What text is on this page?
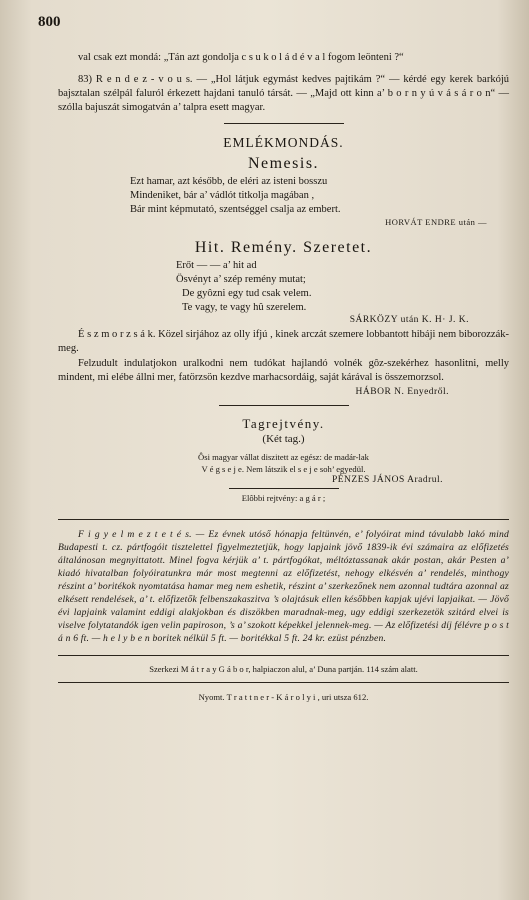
800

val csak ezt mondá: „Tán azt gondolja c s u k o l á d é v a l fogom leönteni ?“

83) R e n d e z - v o u s. — „Hol látjuk egymást kedves pajtikám ?“ — kérdé egy kerek barkójú bajsztalan szélpál faluról érkezett hajdani tanuló társát. — „Majd ott kinn a’ b o r n y ú v á s á r o n“ — szólla bajuszát simogatván a’ talpra esett magyar.

EMLÉKMONDÁS.
Nemesis.
Ezt hamar, azt később, de eléri az isteni bosszu
Mindeniket, bár a’ vádlót titkolja magában ,
Bár mint képmutató, szentséggel csalja az embert.
HORVÁT ENDRE után —
Hit. Remény. Szeretet.
Erőt — — a’ hit ad
Ösvényt a’ szép remény mutat;
De gyôzni egy tud csak velem.
Te vagy, te vagy hû szerelem.
SÁRKÖZY után K. H· J. K.

É s z m o r z s á k. Közel sirjához az olly ifjú , kinek arczát szemere lobbantott hibáji nem biborozzák-meg.

Felzudult indulatjokon uralkodni nem tudókat hajlandó volnék gôz-szekérhez hasonlitni, melly mindent, mi elébe állni mer, fatörzsön kezdve marhacsordáig, saját kárával is összemorzsol.

HÁBOR N. Enyedről.
Tagrejtvény.
(Két tag.)
Ôsi magyar vállat diszitett az egész: de madár-lak
V é g s e j e. Nem látszik el s e j e soh’ egyedül.
PÉNZES JÁNOS Aradrul.
Elôbbi rejtvény: a g á r ;

F i g y e l m e z t e t é s. — Ez évnek utóső hónapja feltünvén, e’ folyóirat mind távulabb lakó mind Budapesti t. cz. pártfogóit tisztelettel figyelmeztetjük, hogy lapjaink jövő 1839-ik évi számaira az előfizetés általánosan megnyittatott. Minel fogva kérjük a’ t. pártfogókat, méltóztassanak akár postan, akár Pesten a’ kiadó hivatalban folyóiratunkra már most megtenni az előfizetést, nehogy elkésvén a’ rendelés, minthogy részint a’ boritékok nyomtatása hamar meg nem eshetik, részint a’ szerkezőnek nem azonnal tudtára azonnal az elkésett rendelések, a’ t. előfizetők felbenszakaszitva ’s olajtásuk ellen későbben kapjak ujévi lapjaikat. — Jövő évi lapjaink valamint eddigi alakjokban és diszökben maradnak-meg, ugy eddigi szerkezetök szitárd elvei is viselve folytatandók igen velin papiroson, ’s a’ szokott képekkel jelennek-meg. — Az előfizetési díj félévre p o s t á n 6 ft. — h e l y b e n boritek nélkül 5 ft. — boritékkal 5 ft. 24 kr. ezüst pénzben.

Szerkezi M á t r a y G á b o r, halpiaczon alul, a’ Duna partján. 114 szám alatt.
Nyomt. T r a t t n e r - K á r o l y i , uri utsza 612.
